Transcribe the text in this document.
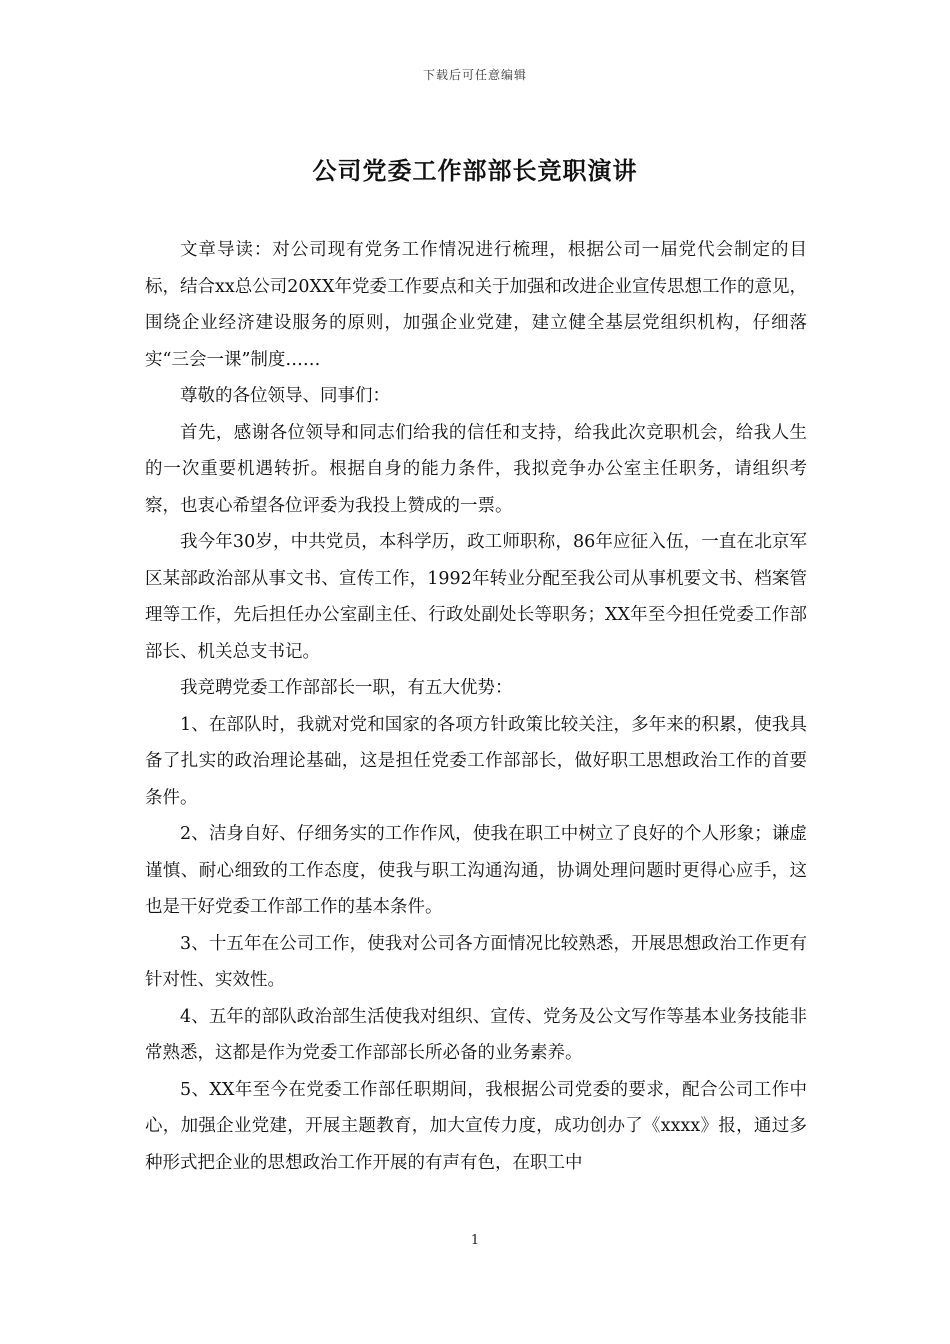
下载后可任意编辑
公司党委工作部部长竞职演讲

文章导读：对公司现有党务工作情况进行梳理，根据公司一届党代会制定的目标，结合xx总公司20XX年党委工作要点和关于加强和改进企业宣传思想工作的意见，围绕企业经济建设服务的原则，加强企业党建，建立健全基层党组织机构，仔细落实“三会一课”制度……

尊敬的各位领导、同事们：

首先，感谢各位领导和同志们给我的信任和支持，给我此次竞职机会，给我人生的一次重要机遇转折。根据自身的能力条件，我拟竞争办公室主任职务，请组织考察，也衷心希望各位评委为我投上赞成的一票。

我今年30岁，中共党员，本科学历，政工师职称，86年应征入伍，一直在北京军区某部政治部从事文书、宣传工作，1992年转业分配至我公司从事机要文书、档案管理等工作，先后担任办公室副主任、行政处副处长等职务；XX年至今担任党委工作部部长、机关总支书记。

我竞聘党委工作部部长一职，有五大优势：

1、在部队时，我就对党和国家的各项方针政策比较关注，多年来的积累，使我具备了扎实的政治理论基础，这是担任党委工作部部长，做好职工思想政治工作的首要条件。

2、洁身自好、仔细务实的工作作风，使我在职工中树立了良好的个人形象；谦虚谨慎、耐心细致的工作态度，使我与职工沟通沟通，协调处理问题时更得心应手，这也是干好党委工作部工作的基本条件。

3、十五年在公司工作，使我对公司各方面情况比较熟悉，开展思想政治工作更有针对性、实效性。

4、五年的部队政治部生活使我对组织、宣传、党务及公文写作等基本业务技能非常熟悉，这都是作为党委工作部部长所必备的业务素养。

5、XX年至今在党委工作部任职期间，我根据公司党委的要求，配合公司工作中心，加强企业党建，开展主题教育，加大宣传力度，成功创办了《xxxx》报，通过多种形式把企业的思想政治工作开展的有声有色，在职工中

1
